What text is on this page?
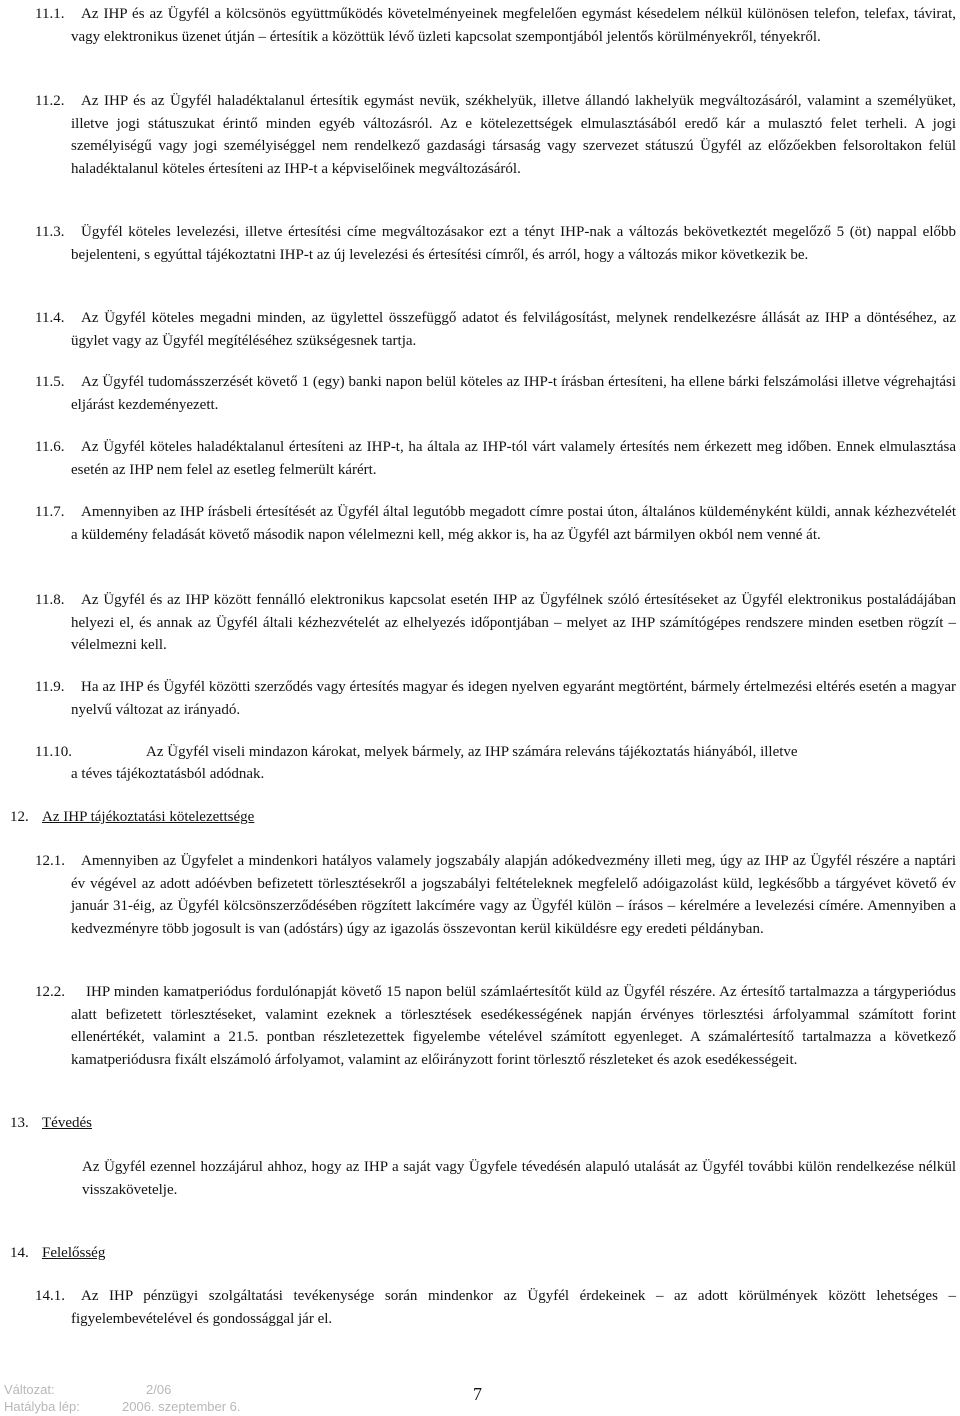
11.1.	Az IHP és az Ügyfél a kölcsönös együttműködés követelményeinek megfelelően egymást késedelem nélkül különösen telefon, telefax, távirat, vagy elektronikus üzenet útján – értesítik a közöttük lévő üzleti kapcsolat szempontjából jelentős körülményekről, tényekről.
11.2.	Az IHP és az Ügyfél haladéktalanul értesítik egymást nevük, székhelyük, illetve állandó lakhelyük megváltozásáról, valamint a személyüket, illetve jogi státuszukat érintő minden egyéb változásról. Az e kötelezettségek elmulasztásából eredő kár a mulasztó felet terheli. A jogi személyiségű vagy jogi személyiséggel nem rendelkező gazdasági társaság vagy szervezet státuszú Ügyfél az előzőekben felsoroltakon felül haladéktalanul köteles értesíteni az IHP-t a képviselőinek megváltozásáról.
11.3.	Ügyfél köteles levelezési, illetve értesítési címe megváltozásakor ezt a tényt IHP-nak a változás bekövetkeztét megelőző 5 (öt) nappal előbb bejelenteni, s egyúttal tájékoztatni IHP-t az új levelezési és értesítési címről, és arról, hogy a változás mikor következik be.
11.4.	Az Ügyfél köteles megadni minden, az ügylettel összefüggő adatot és felvilágosítást, melynek rendelkezésre állását az IHP a döntéséhez, az ügylet vagy az Ügyfél megítéléséhez szükségesnek tartja.
11.5.	Az Ügyfél tudomásszerzését követő 1 (egy) banki napon belül köteles az IHP-t írásban értesíteni, ha ellene bárki felszámolási illetve végrehajtási eljárást kezdeményezett.
11.6.	Az Ügyfél köteles haladéktalanul értesíteni az IHP-t, ha általa az IHP-tól várt valamely értesítés nem érkezett meg időben. Ennek elmulasztása esetén az IHP nem felel az esetleg felmerült kárért.
11.7.	Amennyiben az IHP írásbeli értesítését az Ügyfél által legutóbb megadott címre postai úton, általános küldeményként küldi, annak kézhezvételét a küldemény feladását követő második napon vélelmezni kell, még akkor is, ha az Ügyfél azt bármilyen okból nem venné át.
11.8.	Az Ügyfél és az IHP között fennálló elektronikus kapcsolat esetén IHP az Ügyfélnek szóló értesítéseket az Ügyfél elektronikus postaládájában helyezi el, és annak az Ügyfél általi kézhezvételét az elhelyezés időpontjában – melyet az IHP számítógépes rendszere minden esetben rögzít – vélelmezni kell.
11.9.	Ha az IHP és Ügyfél közötti szerződés vagy értesítés magyar és idegen nyelven egyaránt megtörtént, bármely értelmezési eltérés esetén a magyar nyelvű változat az irányadó.
11.10.	Az Ügyfél viseli mindazon károkat, melyek bármely, az IHP számára releváns tájékoztatás hiányából, illetve
a téves tájékoztatásból adódnak.
12. Az IHP tájékoztatási kötelezettsége
12.1.	Amennyiben az Ügyfelet a mindenkori hatályos valamely jogszabály alapján adókedvezmény illeti meg, úgy az IHP az Ügyfél részére a naptári év végével az adott adóévben befizetett törlesztésekről a jogszabályi feltételeknek megfelelő adóigazolást küld, legkésőbb a tárgyévet követő év január 31-éig, az Ügyfél kölcsönszerződésében rögzített lakcímére vagy az Ügyfél külön – írásos – kérelmére a levelezési címére. Amennyiben a kedvezményre több jogosult is van (adóstárs) úgy az igazolás összevontan kerül kiküldésre egy eredeti példányban.
12.2.	IHP minden kamatperiódus fordulónapját követő 15 napon belül számlaértesítőt küld az Ügyfél részére. Az értesítő tartalmazza a tárgyperiódus alatt befizetett törlesztéseket, valamint ezeknek a törlesztések esedékességének napján érvényes törlesztési árfolyammal számított forint ellenértékét, valamint a 21.5. pontban részletezettek figyelembe vételével számított egyenleget. A számalértesítő tartalmazza a következő kamatperiódusra fixált elszámoló árfolyamot, valamint az előirányzott forint törlesztő részleteket és azok esedékességeit.
13. Tévedés
Az Ügyfél ezennel hozzájárul ahhoz, hogy az IHP a saját vagy Ügyfele tévedésén alapuló utalását az Ügyfél további külön rendelkezése nélkül visszakövetelje.
14. Felelősség
14.1.	Az IHP pénzügyi szolgáltatási tevékenysége során mindenkor az Ügyfél érdekeinek – az adott körülmények között lehetséges – figyelembevételével és gondossággal jár el.
Változat:	2/06
Hatályba lép:	2006. szeptember 6.
7
